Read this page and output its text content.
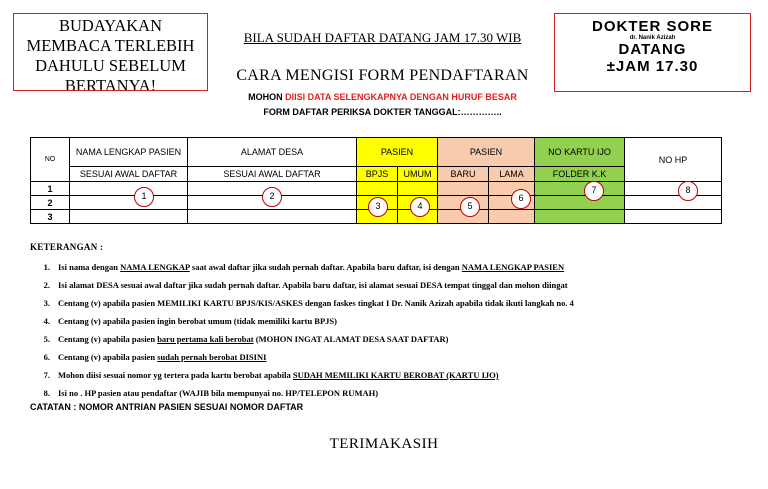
BUDAYAKAN
MEMBACA TERLEBIH
DAHULU SEBELUM
BERTANYA!
DOKTER SORE
dr. Nanik Azizah
DATANG
±JAM 17.30
BILA SUDAH DAFTAR DATANG JAM 17.30 WIB
CARA MENGISI FORM PENDAFTARAN
MOHON DIISI DATA SELENGKAPNYA DENGAN HURUF BESAR
FORM DAFTAR PERIKSA DOKTER TANGGAL:…………..
NO	NAMA LENGKAP PASIEN	ALAMAT DESA	PASIEN		PASIEN		NO KARTU IJO	NO HP
	SESUAI AWAL DAFTAR	SESUAI AWAL DAFTAR	BPJS	UMUM	BARU	LAMA	FOLDER K.K	
1								
2								
3								
1	2
3	4	5
6
7	8
KETERANGAN :
1. Isi nama dengan NAMA LENGKAP saat awal daftar jika sudah pernah daftar. Apabila baru daftar, isi dengan NAMA LENGKAP PASIEN
2. Isi alamat DESA sesuai awal daftar jika sudah pernah daftar. Apabila baru daftar, isi alamat sesuai DESA tempat tinggal dan mohon diingat
3. Centang (v) apabila pasien MEMILIKI KARTU BPJS/KIS/ASKES dengan faskes tingkat I Dr. Nanik Azizah apabila tidak ikuti langkah no. 4
4. Centang (v) apabila pasien ingin berobat umum (tidak memiliki kartu BPJS)
5. Centang (v) apabila pasien baru pertama kali berobat (MOHON INGAT ALAMAT DESA SAAT DAFTAR)
6. Centang (v) apabila pasien sudah pernah berobat DISINI
7. Mohon diisi sesuai nomor yg tertera pada kartu berobat apabila SUDAH MEMILIKI KARTU BEROBAT (KARTU IJO)
8. Isi no . HP pasien atau pendaftar (WAJIB bila mempunyai no. HP/TELEPON RUMAH)
CATATAN : NOMOR ANTRIAN PASIEN SESUAI NOMOR DAFTAR
TERIMAKASIH
